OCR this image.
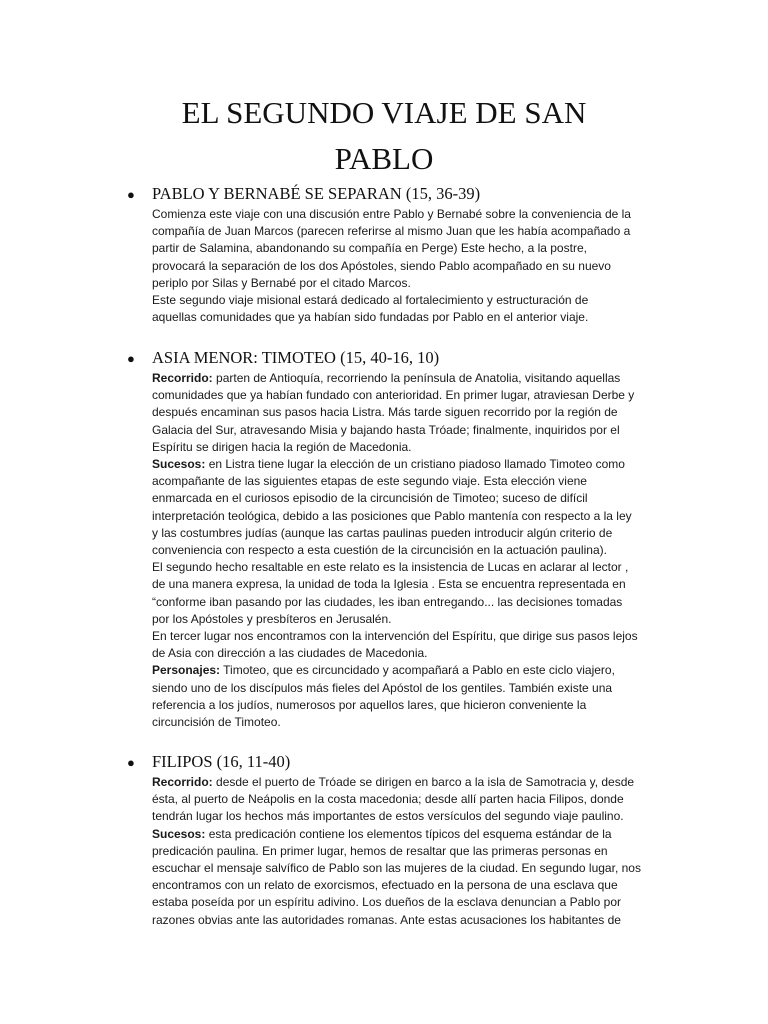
EL SEGUNDO VIAJE DE SAN
PABLO
● PABLO Y BERNABÉ SE SEPARAN (15, 36-39)
Comienza este viaje con una discusión entre Pablo y Bernabé sobre la conveniencia de la
compañía de Juan Marcos (parecen referirse al mismo Juan que les había acompañado a
partir de Salamina, abandonando su compañía en Perge) Este hecho, a la postre,
provocará la separación de los dos Apóstoles, siendo Pablo acompañado en su nuevo
periplo por Silas y Bernabé por el citado Marcos.
Este segundo viaje misional estará dedicado al fortalecimiento y estructuración de
aquellas comunidades que ya habían sido fundadas por Pablo en el anterior viaje.
● ASIA MENOR: TIMOTEO (15, 40-16, 10)
Recorrido: parten de Antioquía, recorriendo la península de Anatolia, visitando aquellas
comunidades que ya habían fundado con anterioridad. En primer lugar, atraviesan Derbe y
después encaminan sus pasos hacia Listra. Más tarde siguen recorrido por la región de
Galacia del Sur, atravesando Misia y bajando hasta Tróade; finalmente, inquiridos por el
Espíritu se dirigen hacia la región de Macedonia.
Sucesos: en Listra tiene lugar la elección de un cristiano piadoso llamado Timoteo como
acompañante de las siguientes etapas de este segundo viaje. Esta elección viene
enmarcada en el curiosos episodio de la circuncisión de Timoteo; suceso de difícil
interpretación teológica, debido a las posiciones que Pablo mantenía con respecto a la ley
y las costumbres judías (aunque las cartas paulinas pueden introducir algún criterio de
conveniencia con respecto a esta cuestión de la circuncisión en la actuación paulina).
El segundo hecho resaltable en este relato es la insistencia de Lucas en aclarar al lector ,
de una manera expresa, la unidad de toda la Iglesia . Esta se encuentra representada en
“conforme iban pasando por las ciudades, les iban entregando... las decisiones tomadas
por los Apóstoles y presbíteros en Jerusalén.
En tercer lugar nos encontramos con la intervención del Espíritu, que dirige sus pasos lejos
de Asia con dirección a las ciudades de Macedonia.
Personajes: Timoteo, que es circuncidado y acompañará a Pablo en este ciclo viajero,
siendo uno de los discípulos más fieles del Apóstol de los gentiles. También existe una
referencia a los judíos, numerosos por aquellos lares, que hicieron conveniente la
circuncisión de Timoteo.
● FILIPOS (16, 11-40)
Recorrido: desde el puerto de Tróade se dirigen en barco a la isla de Samotracia y, desde
ésta, al puerto de Neápolis en la costa macedonia; desde allí parten hacia Filipos, donde
tendrán lugar los hechos más importantes de estos versículos del segundo viaje paulino.
Sucesos: esta predicación contiene los elementos típicos del esquema estándar de la
predicación paulina. En primer lugar, hemos de resaltar que las primeras personas en
escuchar el mensaje salvífico de Pablo son las mujeres de la ciudad. En segundo lugar, nos
encontramos con un relato de exorcismos, efectuado en la persona de una esclava que
estaba poseída por un espíritu adivino. Los dueños de la esclava denuncian a Pablo por
razones obvias ante las autoridades romanas. Ante estas acusaciones los habitantes de
